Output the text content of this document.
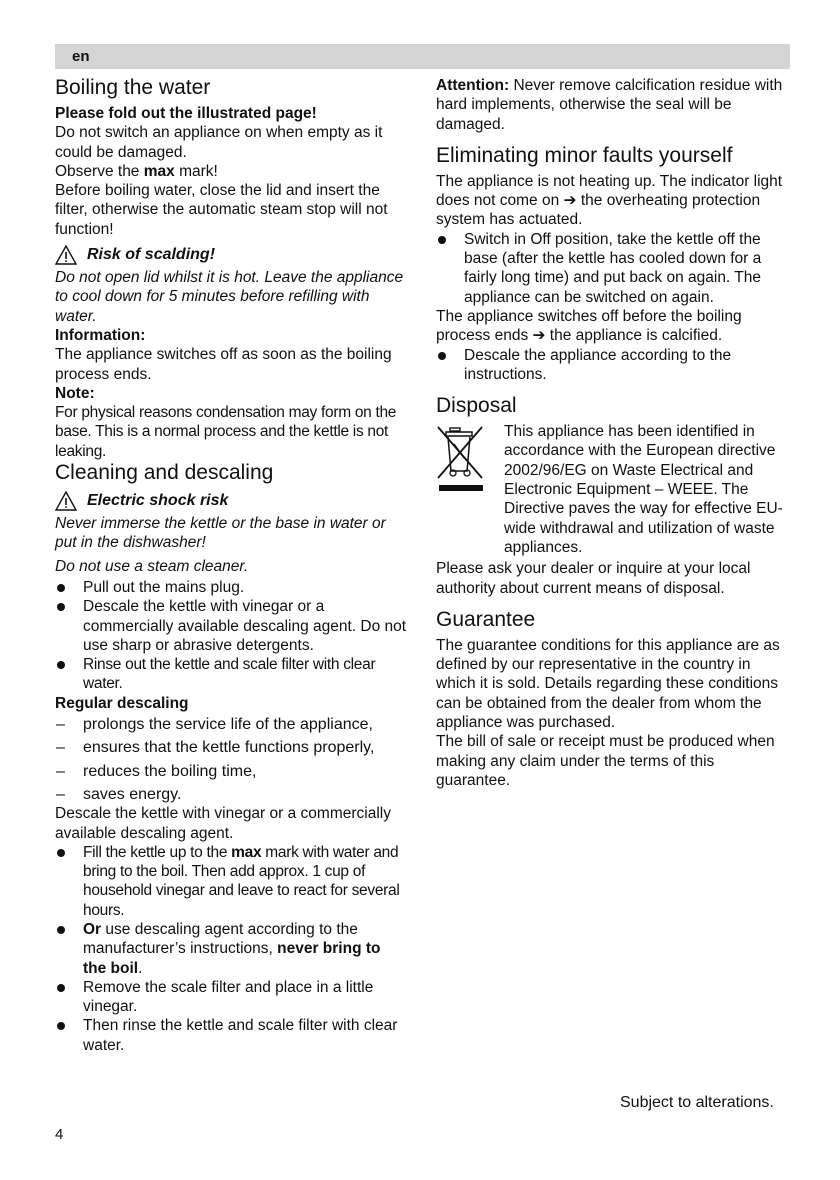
en
Boiling the water

Please fold out the illustrated page!

Do not switch an appliance on when empty as it could be damaged.

Observe the max mark!

Before boiling water, close the lid and insert the filter, otherwise the automatic steam stop will not function!

Risk of scalding!

Do not open lid whilst it is hot. Leave the appliance to cool down for 5 minutes before refilling with water.

Information:

The appliance switches off as soon as the boiling process ends.

Note:

For physical reasons condensation may form on the base. This is a normal process and the kettle is not leaking.

Cleaning and descaling
Electric shock risk

Never immerse the kettle or the base in water or put in the dishwasher!

Do not use a steam cleaner.

Pull out the mains plug.
Descale the kettle with vinegar or a commercially available descaling agent. Do not use sharp or abrasive detergents.
Rinse out the kettle and scale filter with clear water.

Regular descaling

– prolongs the service life of the appliance,
– ensures that the kettle functions properly,
– reduces the boiling time,
– saves energy.

Descale the kettle with vinegar or a commercially available descaling agent.

Fill the kettle up to the max mark with water and bring to the boil. Then add approx. 1 cup of household vinegar and leave to react for several hours.
Or use descaling agent according to the manufacturer’s instructions, never bring to the boil.
Remove the scale filter and place in a little vinegar.
Then rinse the kettle and scale filter with clear water.

Attention: Never remove calcification residue with hard implements, otherwise the seal will be damaged.

Eliminating minor faults yourself

The appliance is not heating up. The indicator light does not come on ➔ the overheating protection system has actuated.

Switch in Off position, take the kettle off the base (after the kettle has cooled down for a fairly long time) and put back on again. The appliance can be switched on again.

The appliance switches off before the boiling process ends ➔ the appliance is calcified.

Descale the appliance according to the instructions.
Disposal

This appliance has been identified in accordance with the European directive 2002/96/EG on Waste Electrical and Electronic Equipment – WEEE. The Directive paves the way for effective EU-wide withdrawal and utilization of waste appliances.

Please ask your dealer or inquire at your local authority about current means of disposal.

Guarantee

The guarantee conditions for this appliance are as defined by our representative in the country in which it is sold. Details regarding these conditions can be obtained from the dealer from whom the appliance was purchased.

The bill of sale or receipt must be produced when making any claim under the terms of this guarantee.

Subject to alterations.
4
